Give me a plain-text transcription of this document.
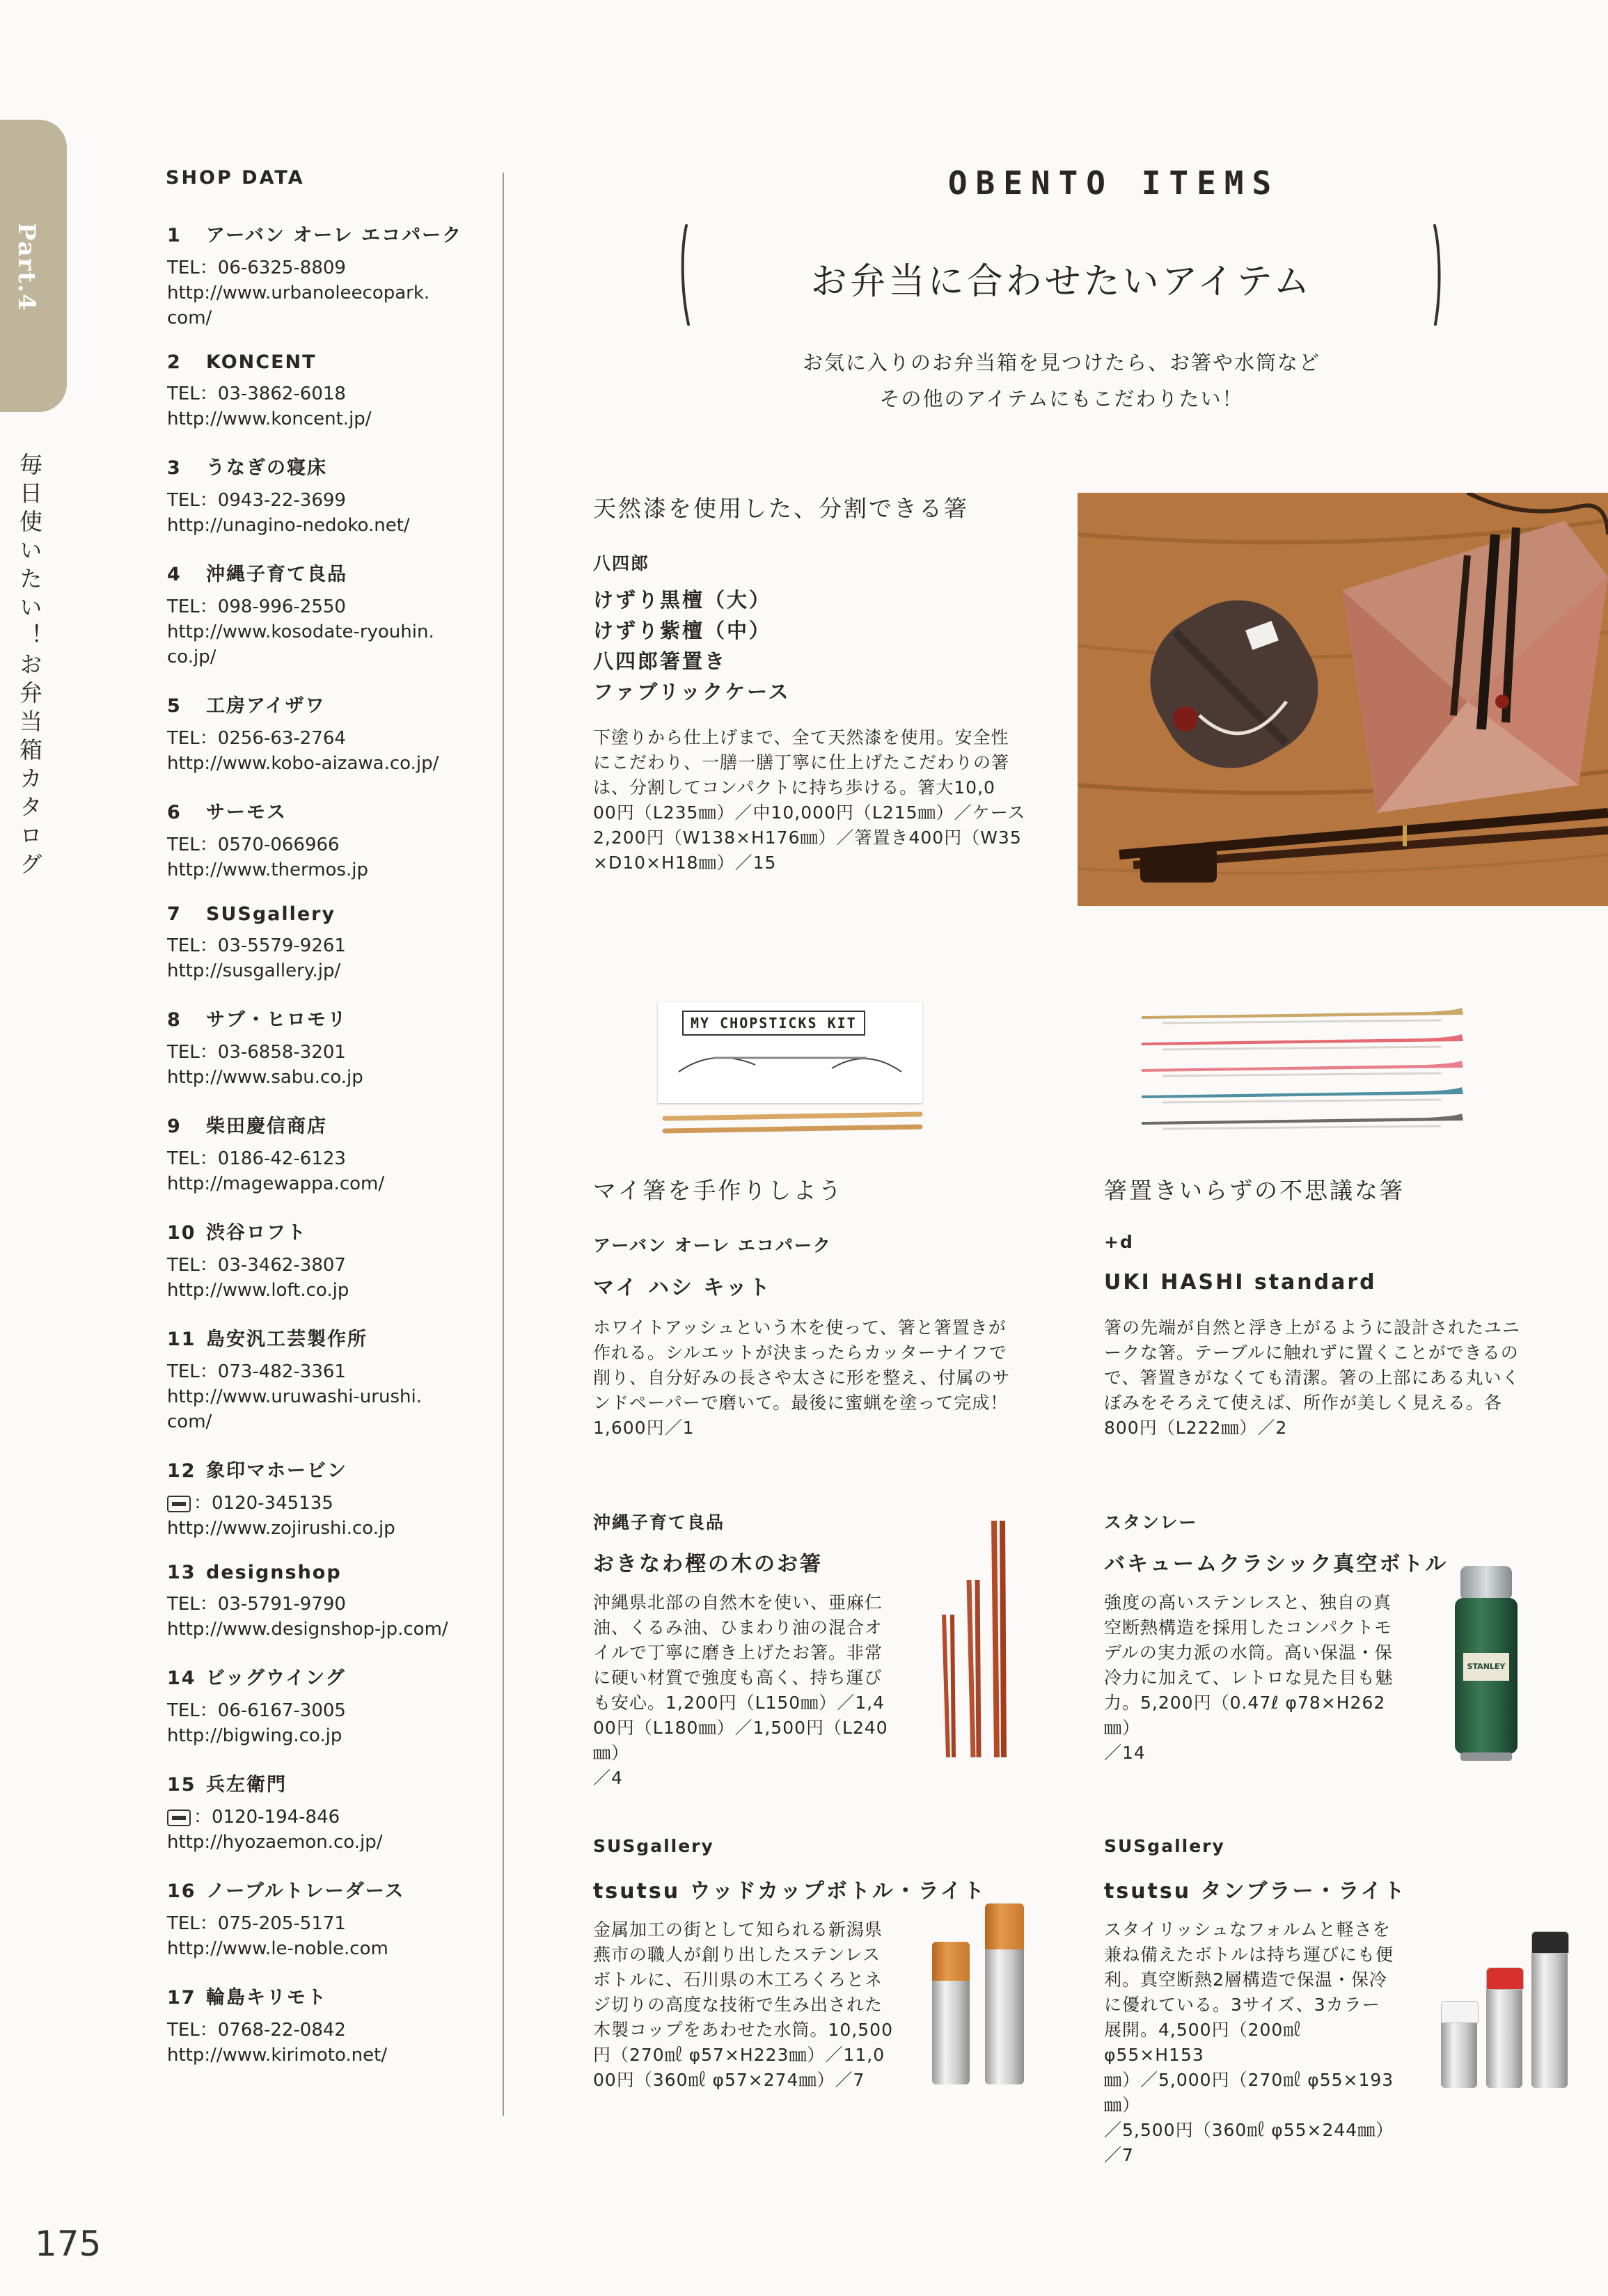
Part.4
毎日使いたい！お弁当箱カタログ
175
SHOP DATA
1 アーバン オーレ エコパーク
TEL：06-6325-8809
http://www.urbanoleecopark.
com/
2 KONCENT
TEL：03-3862-6018
http://www.koncent.jp/
3 うなぎの寝床
TEL：0943-22-3699
http://unagino-nedoko.net/
4 沖縄子育て良品
TEL：098-996-2550
http://www.kosodate-ryouhin.
co.jp/
5 工房アイザワ
TEL：0256-63-2764
http://www.kobo-aizawa.co.jp/
6 サーモス
TEL：0570-066966
http://www.thermos.jp
7 SUSgallery
TEL：03-5579-9261
http://susgallery.jp/
8 サブ・ヒロモリ
TEL：03-6858-3201
http://www.sabu.co.jp
9 柴田慶信商店
TEL：0186-42-6123
http://magewappa.com/
10 渋谷ロフト
TEL：03-3462-3807
http://www.loft.co.jp
11 島安汎工芸製作所
TEL：073-482-3361
http://www.uruwashi-urushi.
com/
12 象印マホービン
：0120-345135
http://www.zojirushi.co.jp
13 designshop
TEL：03-5791-9790
http://www.designshop-jp.com/
14 ビッグウイング
TEL：06-6167-3005
http://bigwing.co.jp
15 兵左衛門
：0120-194-846
http://hyozaemon.co.jp/
16 ノーブルトレーダース
TEL：075-205-5171
http://www.le-noble.com
17 輪島キリモト
TEL：0768-22-0842
http://www.kirimoto.net/
OBENTO ITEMS
お弁当に合わせたいアイテム
お気に入りのお弁当箱を見つけたら、お箸や水筒など
その他のアイテムにもこだわりたい！
天然漆を使用した、分割できる箸
八四郎
けずり黒檀（大）
けずり紫檀（中）
八四郎箸置き
ファブリックケース
下塗りから仕上げまで、全て天然漆を使用。安全性
にこだわり、一膳一膳丁寧に仕上げたこだわりの箸
は、分割してコンパクトに持ち歩ける。箸大10,0
00円（L235㎜）／中10,000円（L215㎜）／ケース
2,200円（W138×H176㎜）／箸置き400円（W35
×D10×H18㎜）／15
MY CHOPSTICKS KIT
マイ箸を手作りしよう
アーバン オーレ エコパーク
マイ ハシ キット
ホワイトアッシュという木を使って、箸と箸置きが
作れる。シルエットが決まったらカッターナイフで
削り、自分好みの長さや太さに形を整え、付属のサ
ンドペーパーで磨いて。最後に蜜蝋を塗って完成！
1,600円／1
箸置きいらずの不思議な箸
+d
UKI HASHI standard
箸の先端が自然と浮き上がるように設計されたユニ
ークな箸。テーブルに触れずに置くことができるの
で、箸置きがなくても清潔。箸の上部にある丸いく
ぼみをそろえて使えば、所作が美しく見える。各
800円（L222㎜）／2
沖縄子育て良品
おきなわ樫の木のお箸
沖縄県北部の自然木を使い、亜麻仁
油、くるみ油、ひまわり油の混合オ
イルで丁寧に磨き上げたお箸。非常
に硬い材質で強度も高く、持ち運び
も安心。1,200円（L150㎜）／1,4
00円（L180㎜）／1,500円（L240㎜）
／4
スタンレー
バキュームクラシック真空ボトル
強度の高いステンレスと、独自の真
空断熱構造を採用したコンパクトモ
デルの実力派の水筒。高い保温・保
冷力に加えて、レトロな見た目も魅
力。5,200円（0.47ℓ φ78×H262㎜）
／14
STANLEY
SUSgallery
tsutsu ウッドカップボトル・ライト
金属加工の街として知られる新潟県
燕市の職人が創り出したステンレス
ボトルに、石川県の木工ろくろとネ
ジ切りの高度な技術で生み出された
木製コップをあわせた水筒。10,500
円（270㎖ φ57×H223㎜）／11,0
00円（360㎖ φ57×274㎜）／7
SUSgallery
tsutsu タンブラー・ライト
スタイリッシュなフォルムと軽さを
兼ね備えたボトルは持ち運びにも便
利。真空断熱2層構造で保温・保冷
に優れている。3サイズ、3カラー
展開。4,500円（200㎖ φ55×H153
㎜）／5,000円（270㎖ φ55×193㎜）
／5,500円（360㎖ φ55×244㎜）
／7
